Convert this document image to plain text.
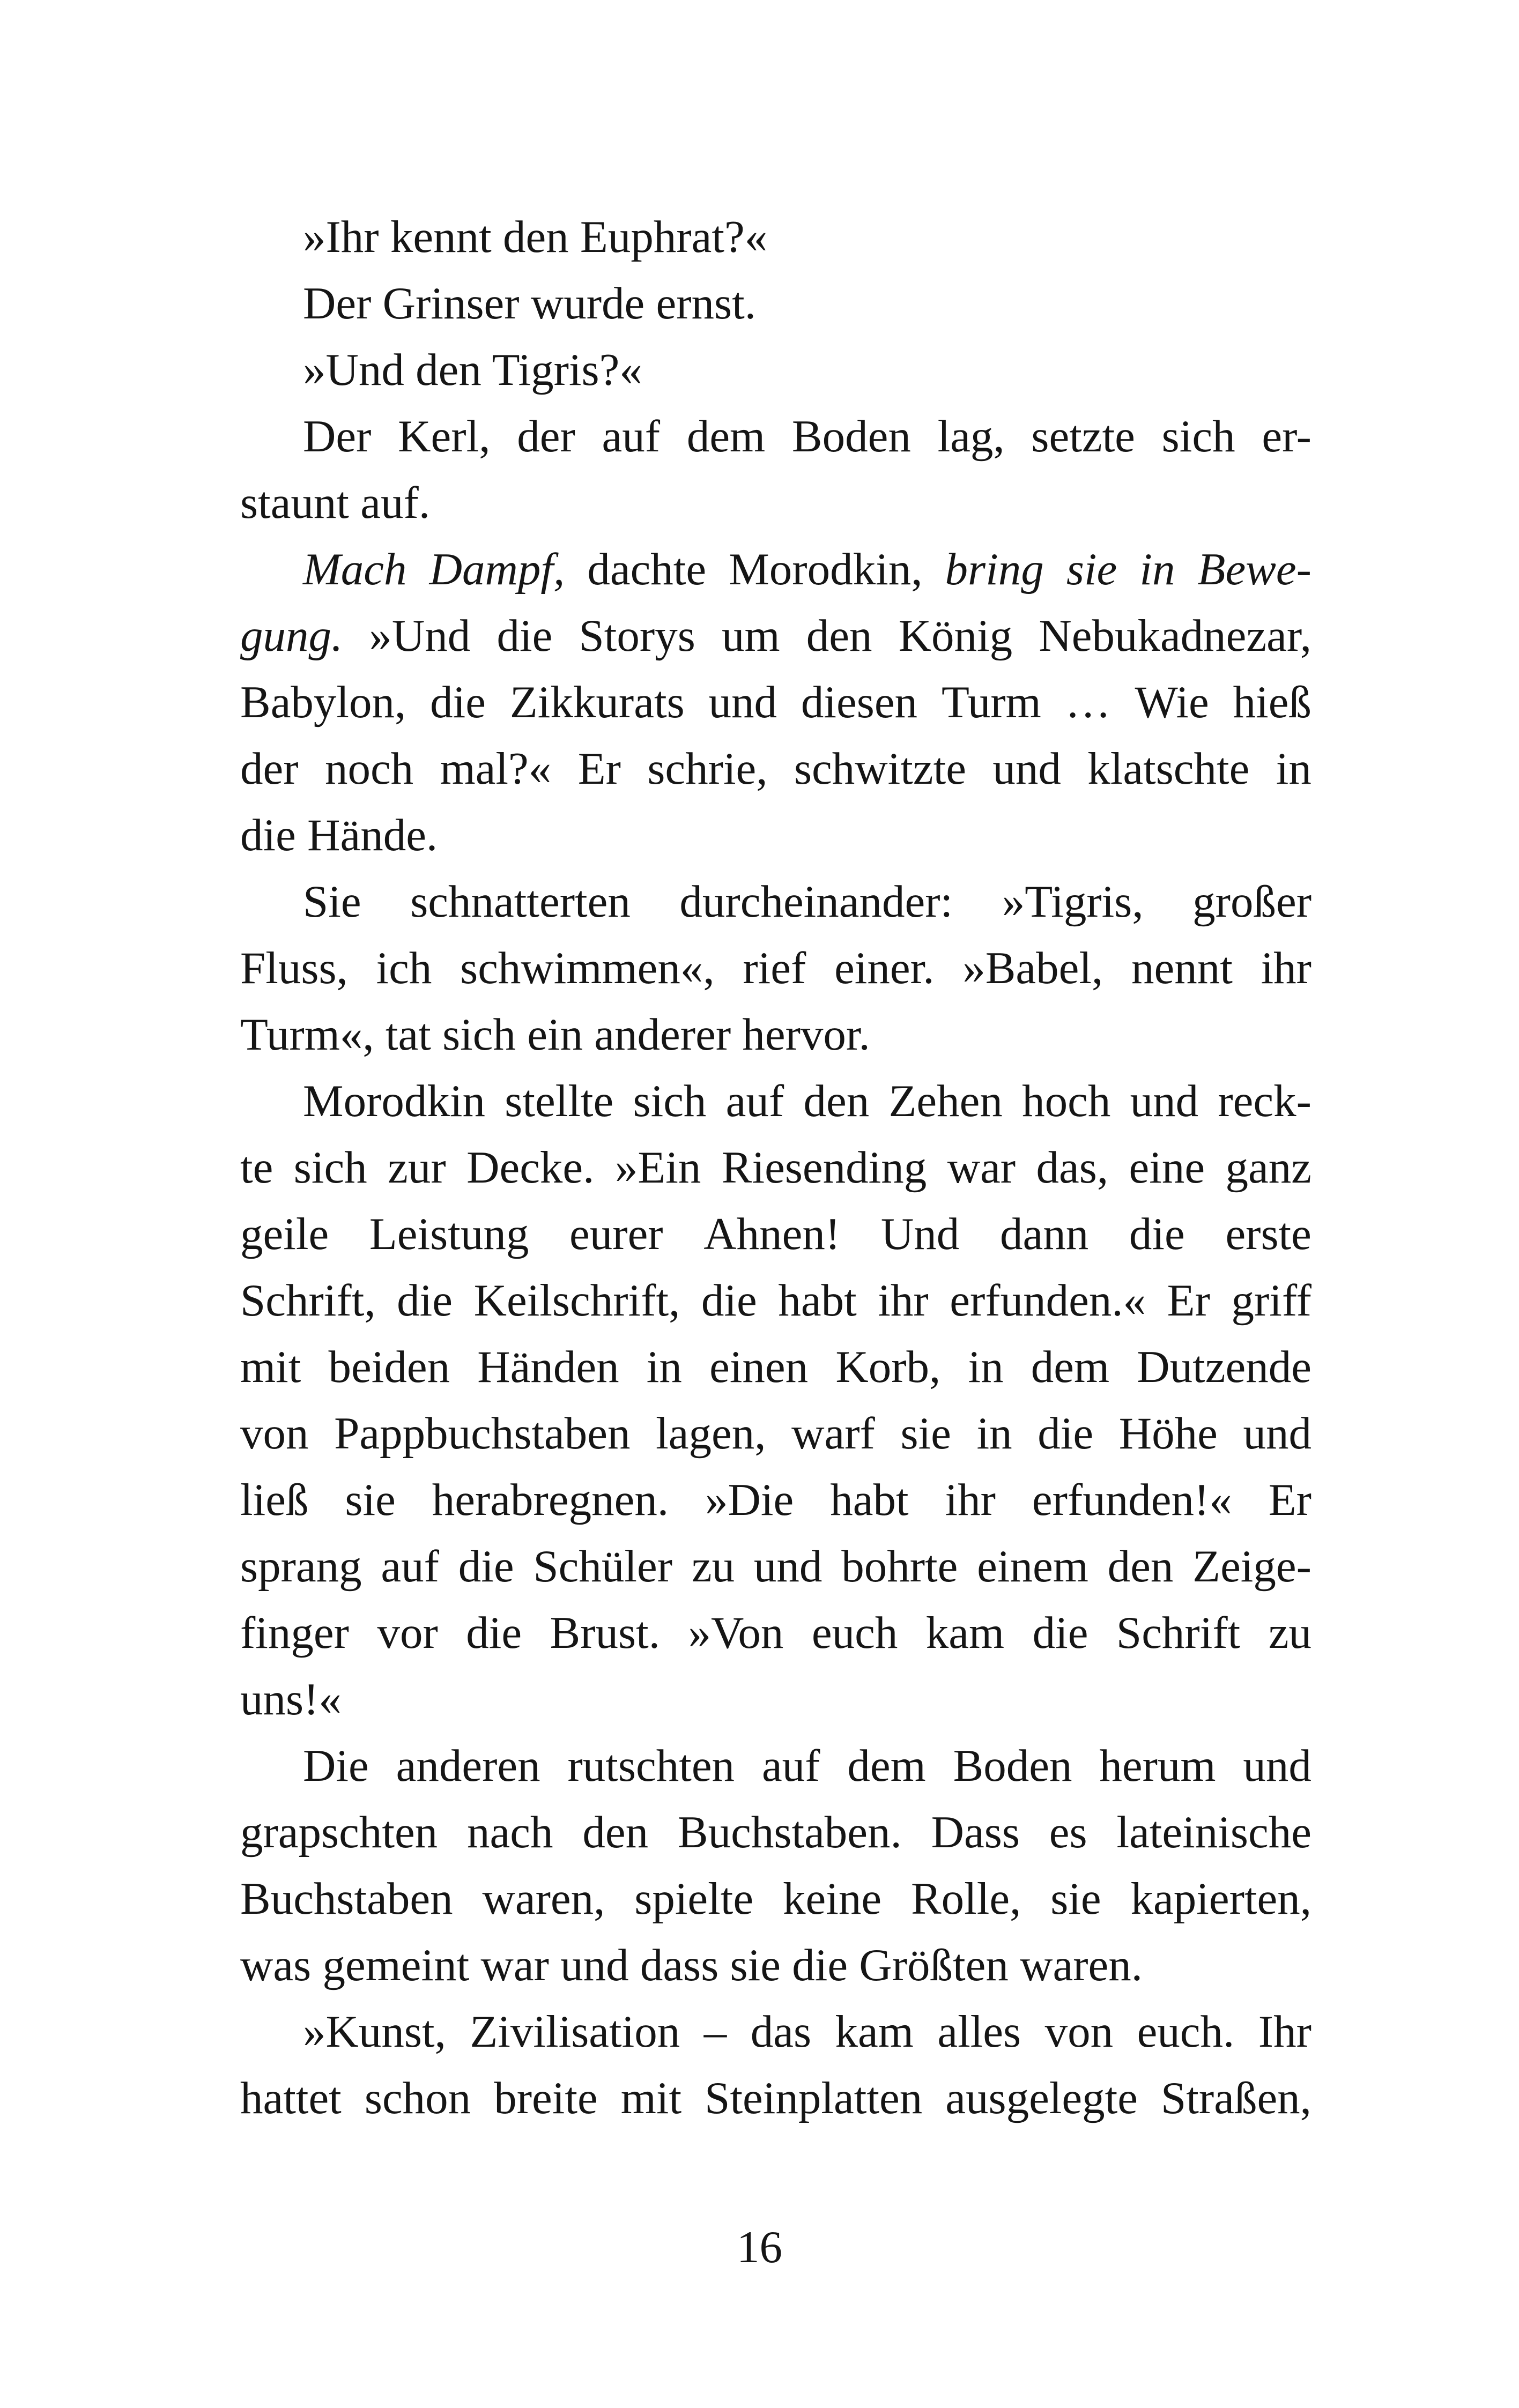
»Ihr kennt den Euphrat?«
Der Grinser wurde ernst.
»Und den Tigris?«
Der Kerl, der auf dem Boden lag, setzte sich er-
staunt auf.
Mach Dampf, dachte Morodkin, bring sie in Bewe-
gung. »Und die Storys um den König Nebukadnezar,
Babylon, die Zikkurats und diesen Turm … Wie hieß
der noch mal?« Er schrie, schwitzte und klatschte in
die Hände.
Sie schnatterten durcheinander: »Tigris, großer
Fluss, ich schwimmen«, rief einer. »Babel, nennt ihr
Turm«, tat sich ein anderer hervor.
Morodkin stellte sich auf den Zehen hoch und reck-
te sich zur Decke. »Ein Riesending war das, eine ganz
geile Leistung eurer Ahnen! Und dann die erste
Schrift, die Keilschrift, die habt ihr erfunden.« Er griff
mit beiden Händen in einen Korb, in dem Dutzende
von Pappbuchstaben lagen, warf sie in die Höhe und
ließ sie herabregnen. »Die habt ihr erfunden!« Er
sprang auf die Schüler zu und bohrte einem den Zeige-
finger vor die Brust. »Von euch kam die Schrift zu
uns!«
Die anderen rutschten auf dem Boden herum und
grapschten nach den Buchstaben. Dass es lateinische
Buchstaben waren, spielte keine Rolle, sie kapierten,
was gemeint war und dass sie die Größten waren.
»Kunst, Zivilisation – das kam alles von euch. Ihr
hattet schon breite mit Steinplatten ausgelegte Straßen,
16
